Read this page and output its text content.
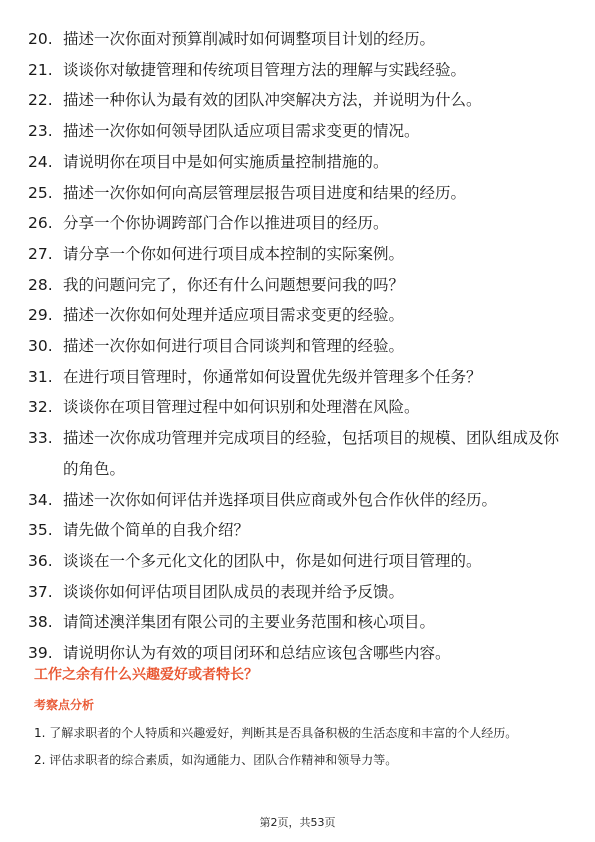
20. 描述一次你面对预算削减时如何调整项目计划的经历。
21. 谈谈你对敏捷管理和传统项目管理方法的理解与实践经验。
22. 描述一种你认为最有效的团队冲突解决方法，并说明为什么。
23. 描述一次你如何领导团队适应项目需求变更的情况。
24. 请说明你在项目中是如何实施质量控制措施的。
25. 描述一次你如何向高层管理层报告项目进度和结果的经历。
26. 分享一个你协调跨部门合作以推进项目的经历。
27. 请分享一个你如何进行项目成本控制的实际案例。
28. 我的问题问完了，你还有什么问题想要问我的吗？
29. 描述一次你如何处理并适应项目需求变更的经验。
30. 描述一次你如何进行项目合同谈判和管理的经验。
31. 在进行项目管理时，你通常如何设置优先级并管理多个任务？
32. 谈谈你在项目管理过程中如何识别和处理潜在风险。
33. 描述一次你成功管理并完成项目的经验，包括项目的规模、团队组成及你的角色。
34. 描述一次你如何评估并选择项目供应商或外包合作伙伴的经历。
35. 请先做个简单的自我介绍？
36. 谈谈在一个多元化文化的团队中，你是如何进行项目管理的。
37. 谈谈你如何评估项目团队成员的表现并给予反馈。
38. 请简述澳洋集团有限公司的主要业务范围和核心项目。
39. 请说明你认为有效的项目闭环和总结应该包含哪些内容。
工作之余有什么兴趣爱好或者特长？
考察点分析
1. 了解求职者的个人特质和兴趣爱好，判断其是否具备积极的生活态度和丰富的个人经历。
2. 评估求职者的综合素质，如沟通能力、团队合作精神和领导力等。
第2页，共53页
